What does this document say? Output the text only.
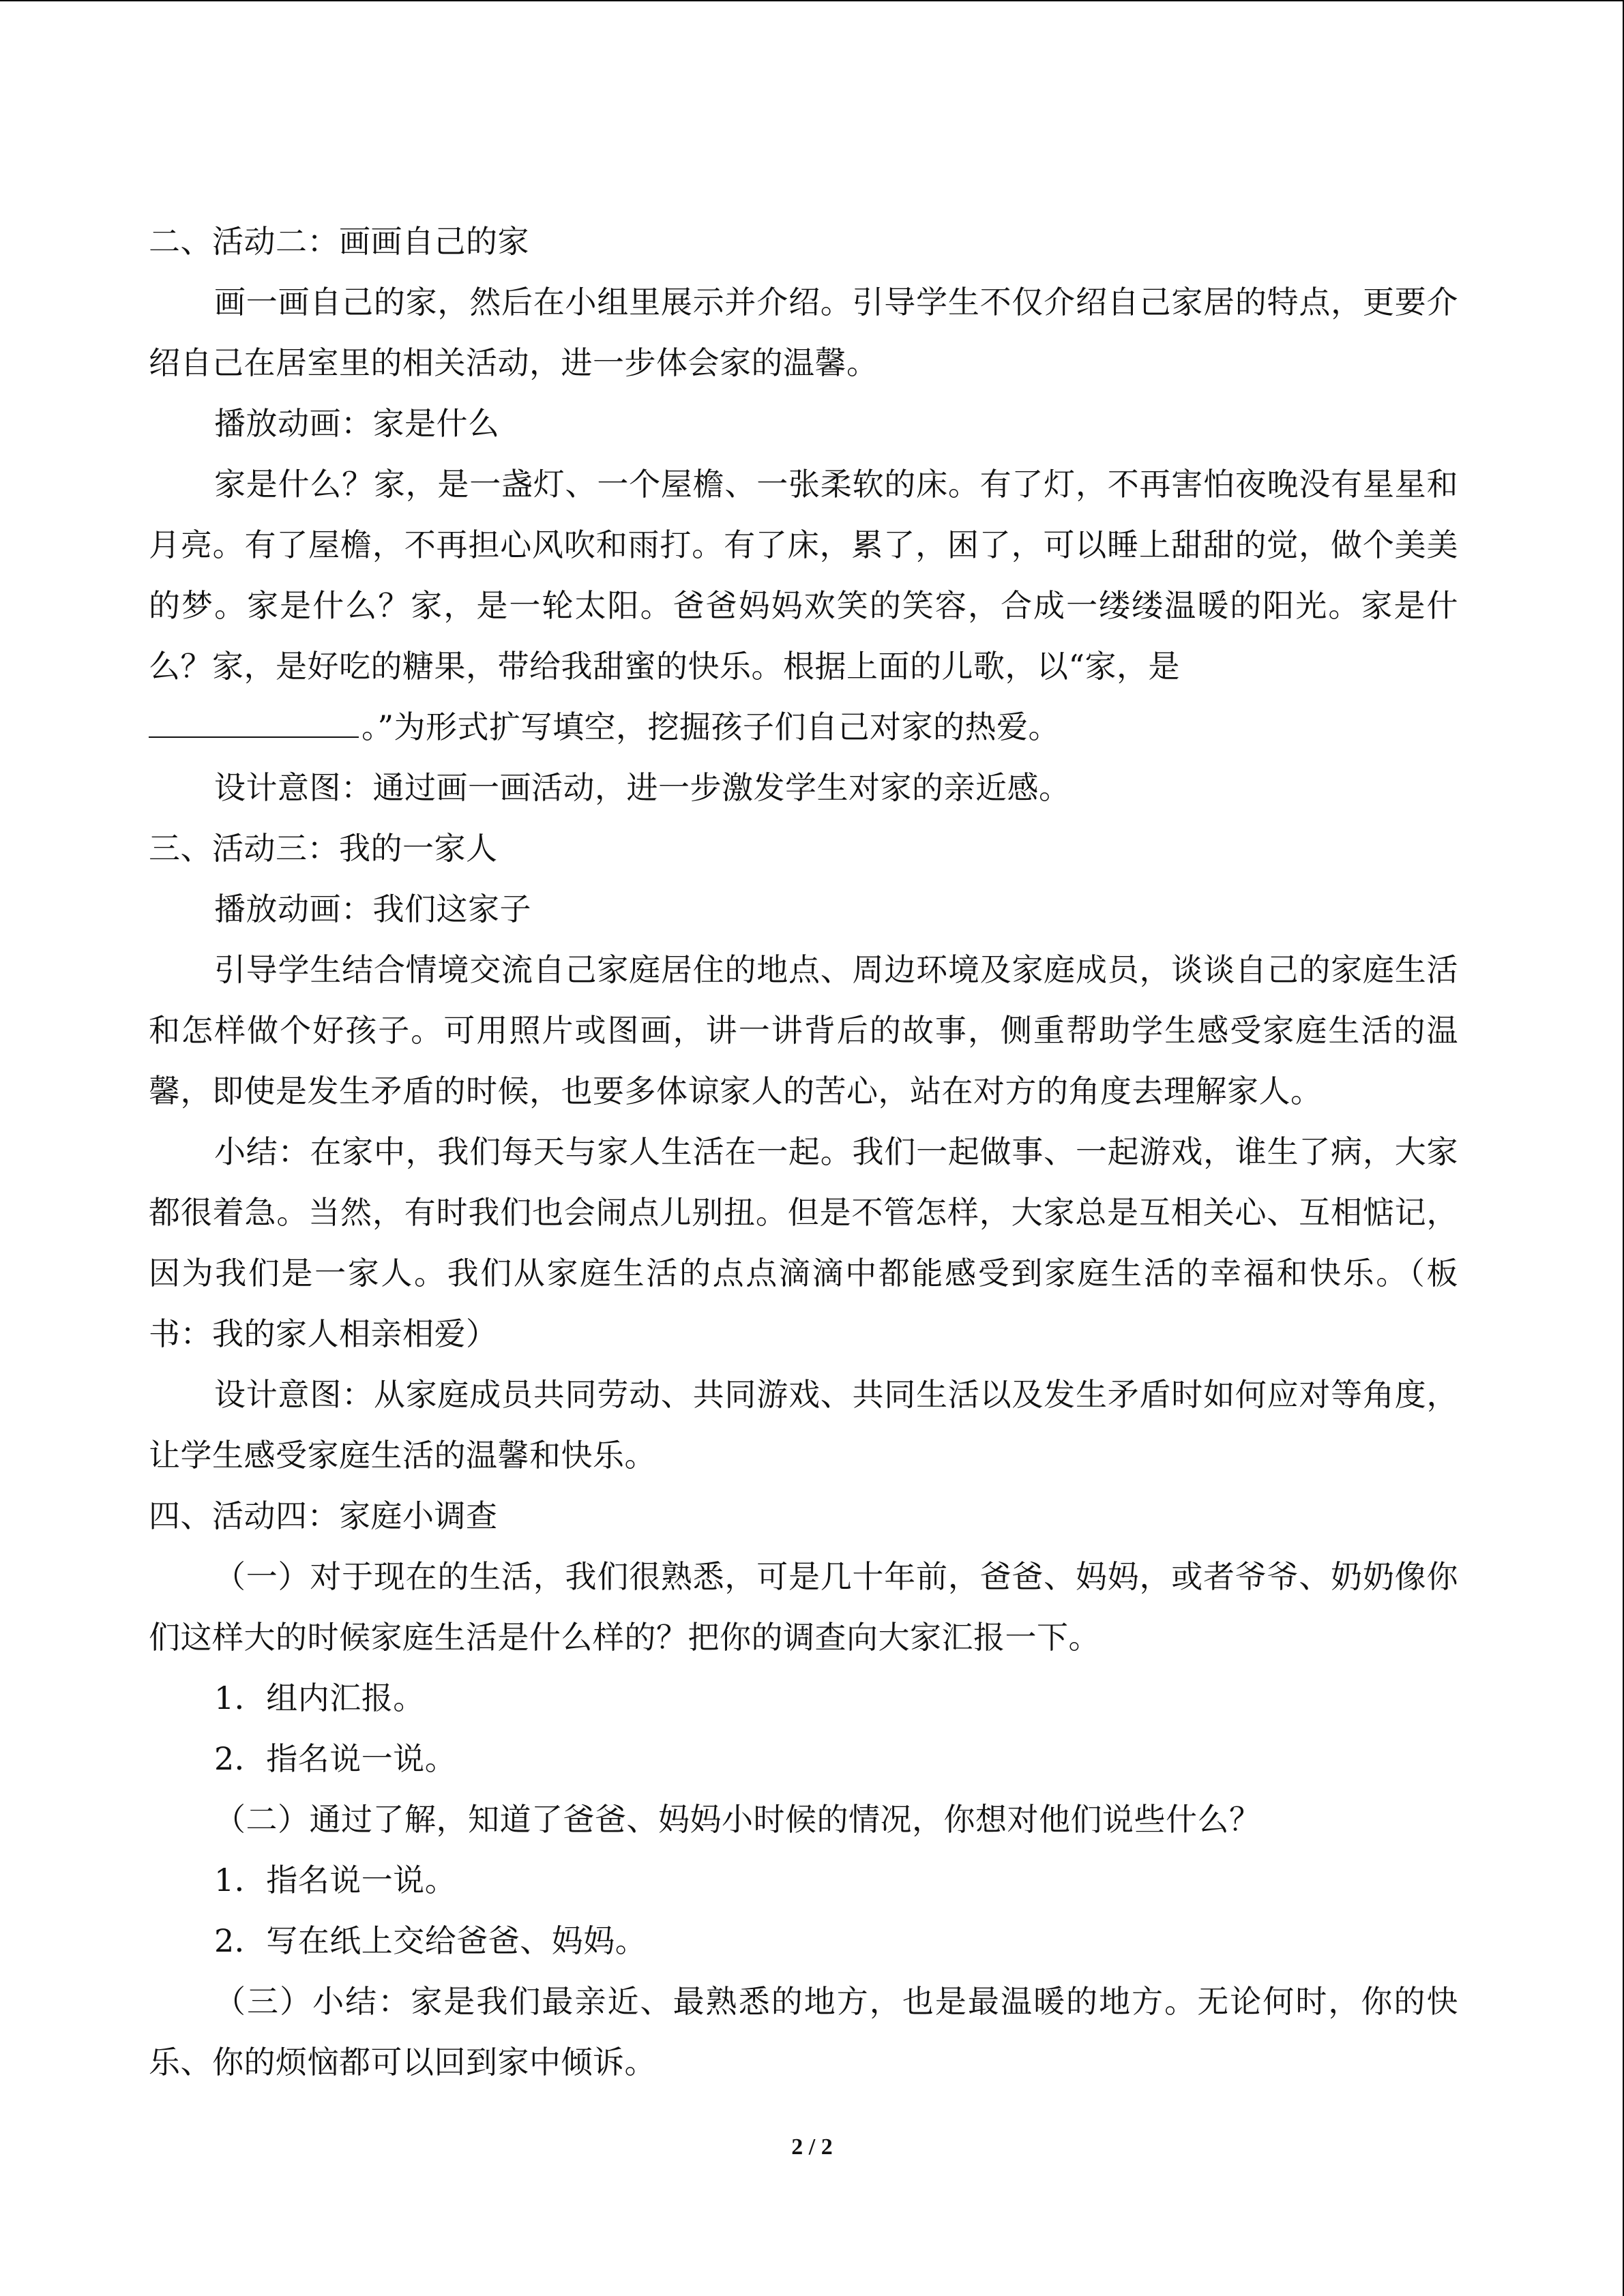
二、活动二：画画自己的家

画一画自己的家，然后在小组里展示并介绍。引导学生不仅介绍自己家居的特点，更要介绍自己在居室里的相关活动，进一步体会家的温馨。

播放动画：家是什么

家是什么？家，是一盏灯、一个屋檐、一张柔软的床。有了灯，不再害怕夜晚没有星星和月亮。有了屋檐，不再担心风吹和雨打。有了床，累了，困了，可以睡上甜甜的觉，做个美美的梦。家是什么？家，是一轮太阳。爸爸妈妈欢笑的笑容，合成一缕缕温暖的阳光。家是什么？家，是好吃的糖果，带给我甜蜜的快乐。根据上面的儿歌，以“家，是

。”为形式扩写填空，挖掘孩子们自己对家的热爱。

设计意图：通过画一画活动，进一步激发学生对家的亲近感。

三、活动三：我的一家人

播放动画：我们这家子

引导学生结合情境交流自己家庭居住的地点、周边环境及家庭成员，谈谈自己的家庭生活和怎样做个好孩子。可用照片或图画，讲一讲背后的故事，侧重帮助学生感受家庭生活的温馨，即使是发生矛盾的时候，也要多体谅家人的苦心，站在对方的角度去理解家人。

小结：在家中，我们每天与家人生活在一起。我们一起做事、一起游戏，谁生了病，大家都很着急。当然，有时我们也会闹点儿别扭。但是不管怎样，大家总是互相关心、互相惦记，因为我们是一家人。我们从家庭生活的点点滴滴中都能感受到家庭生活的幸福和快乐。（板书：我的家人相亲相爱）

设计意图：从家庭成员共同劳动、共同游戏、共同生活以及发生矛盾时如何应对等角度，让学生感受家庭生活的温馨和快乐。

四、活动四：家庭小调查

（一）对于现在的生活，我们很熟悉，可是几十年前，爸爸、妈妈，或者爷爷、奶奶像你们这样大的时候家庭生活是什么样的？把你的调查向大家汇报一下。

1．组内汇报。

2．指名说一说。

（二）通过了解，知道了爸爸、妈妈小时候的情况，你想对他们说些什么？

1．指名说一说。

2．写在纸上交给爸爸、妈妈。

（三）小结：家是我们最亲近、最熟悉的地方，也是最温暖的地方。无论何时，你的快乐、你的烦恼都可以回到家中倾诉。

2 / 2
